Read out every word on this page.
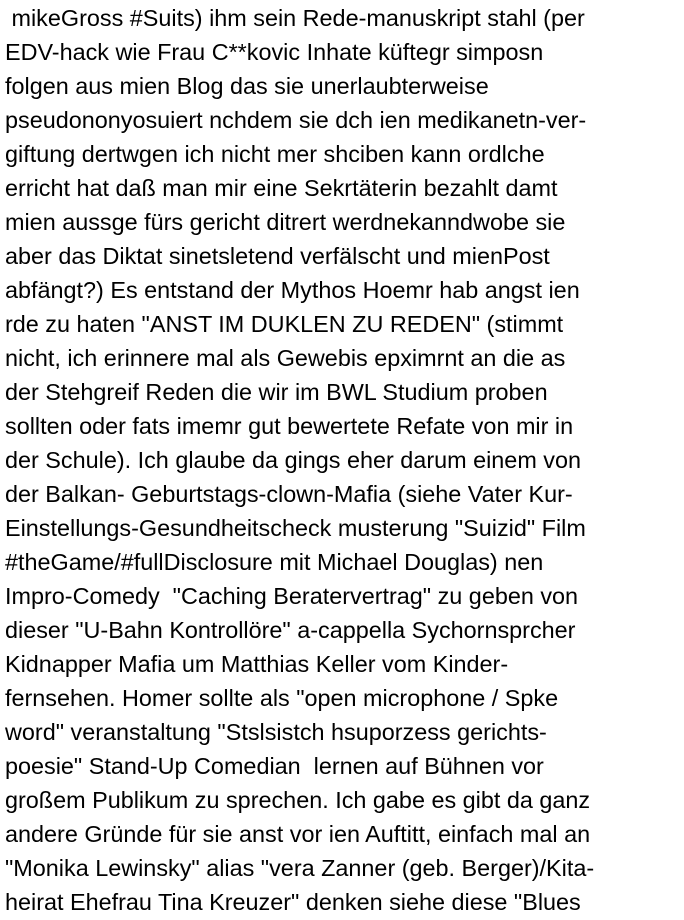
mikeGross #Suits) ihm sein Rede-manuskript stahl (per
EDV-hack wie Frau C**kovic Inhate küftegr simposn
folgen aus mien Blog das sie unerlaubterweise
pseudononyosuiert nchdem sie dch ien medikanetn-ver-
giftung dertwgen ich nicht mer shciben kann ordlche
erricht hat daß man mir eine Sekrtäterin bezahlt damt
mien aussge fürs gericht ditrert werdnekanndwobe sie
aber das Diktat sinetsletend verfälscht und mienPost
abfängt?) Es entstand der Mythos Hoemr hab angst ien
rde zu haten "ANST IM DUKLEN ZU REDEN" (stimmt
nicht, ich erinnere mal als Gewebis epximrnt an die as
der Stehgreif Reden die wir im BWL Studium proben
sollten oder fats imemr gut bewertete Refate von mir in
der Schule). Ich glaube da gings eher darum einem von
der Balkan- Geburtstags-clown-Mafia (siehe Vater Kur-
Einstellungs-Gesundheitscheck musterung "Suizid" Film
#theGame/#fullDisclosure mit Michael Douglas) nen
Impro-Comedy  "Caching Beratervertrag" zu geben von
dieser "U-Bahn Kontrollöre" a-cappella Sychornsprcher
Kidnapper Mafia um Matthias Keller vom Kinder-
fernsehen. Homer sollte als "open microphone / Spke
word" veranstaltung "Stslsistch hsuporzess gerichts-
poesie" Stand-Up Comedian  lernen auf Bühnen vor
großem Publikum zu sprechen. Ich gabe es gibt da ganz
andere Gründe für sie anst vor ien Auftitt, einfach mal an
"Monika Lewinsky" alias "vera Zanner (geb. Berger)/Kita-
heirat Ehefrau Tina Kreuzer" denken siehe diese "Blues
